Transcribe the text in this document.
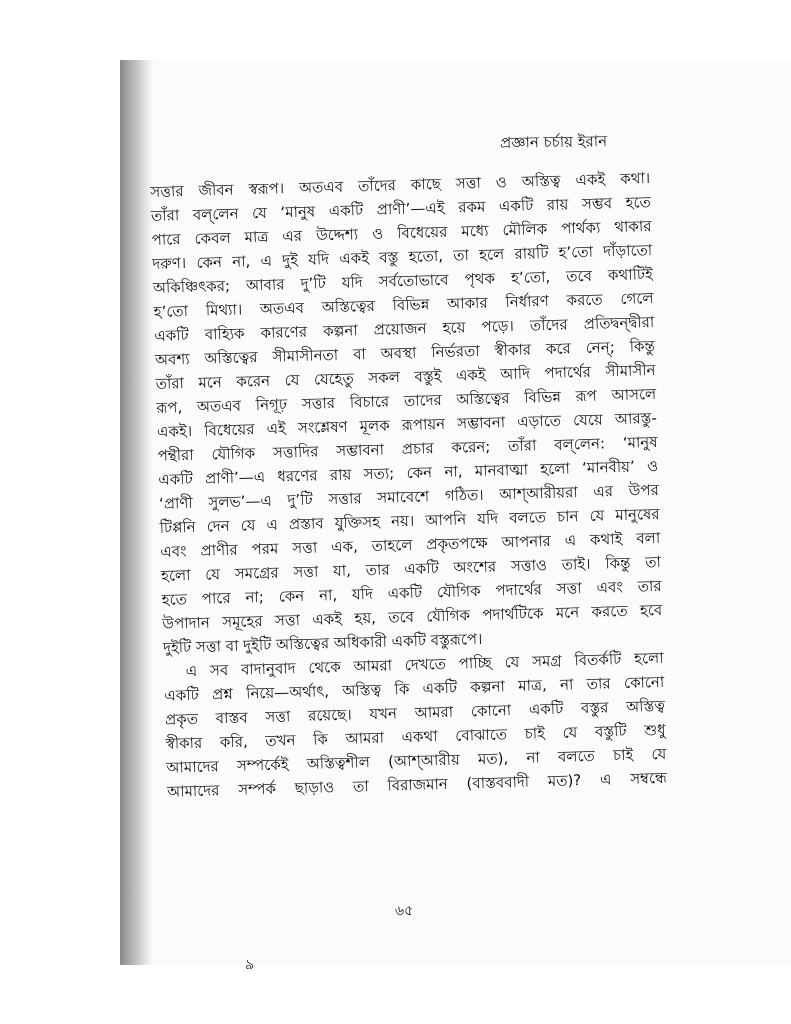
প্রজ্ঞান চর্চায় ইরান
সত্তার জীবন স্বরূপ। অতএব তাঁদের কাছে সত্তা ও অস্তিত্ব একই কথা।
তাঁরা বল্‌লেন যে ‘মানুষ একটি প্রাণী’—এই রকম একটি রায় সম্ভব হতে
পারে কেবল মাত্র এর উদ্দেশ্য ও বিধেয়ের মধ্যে মৌলিক পার্থক্য থাকার
দরুণ। কেন না, এ দুই যদি একই বস্তু হতো, তা হলে রায়টি হ’তো দাঁড়াতো
অকিঞ্চিৎকর; আবার দু’টি যদি সর্বতোভাবে পৃথক হ’তো, তবে কথাটিই
হ’তো মিথ্যা। অতএব অস্তিত্বের বিভিন্ন আকার নির্ধারণ করতে গেলে
একটি বাহ্যিক কারণের কল্পনা প্রয়োজন হয়ে পড়ে। তাঁদের প্রতিদ্বন্দ্বীরা
অবশ্য অস্তিত্বের সীমাসীনতা বা অবস্থা নির্ভরতা স্বীকার করে নেন্‌; কিন্তু
তাঁরা মনে করেন যে যেহেতু সকল বস্তুই একই আদি পদার্থের সীমাসীন
রূপ, অতএব নিগূঢ় সত্তার বিচারে তাদের অস্তিত্বের বিভিন্ন রূপ আসলে
একই। বিধেয়ের এই সংশ্লেষণ মূলক রূপায়ন সম্ভাবনা এড়াতে যেয়ে আরস্তু-
পন্থীরা যৌগিক সত্তাদির সম্ভাবনা প্রচার করেন; তাঁরা বল্‌লেন: ‘মানুষ
একটি প্রাণী’—এ ধরণের রায় সত্য; কেন না, মানবাত্মা হলো ‘মানবীয়’ ও
‘প্রাণী সুলভ’—এ দু’টি সত্তার সমাবেশে গঠিত। আশ্‌আরীয়রা এর উপর
টিপ্পনি দেন যে এ প্রস্তাব যুক্তিসহ নয়। আপনি যদি বলতে চান যে মানুষের
এবং প্রাণীর পরম সত্তা এক, তাহলে প্রকৃতপক্ষে আপনার এ কথাই বলা
হলো যে সমগ্রের সত্তা যা, তার একটি অংশের সত্তাও তাই। কিন্তু তা
হতে পারে না; কেন না, যদি একটি যৌগিক পদার্থের সত্তা এবং তার
উপাদান সমূহের সত্তা একই হয়, তবে যৌগিক পদার্থটিকে মনে করতে হবে
দুইটি সত্তা বা দুইটি অস্তিত্বের অধিকারী একটি বস্তুরূপে।
এ সব বাদানুবাদ থেকে আমরা দেখতে পাচ্ছি যে সমগ্র বিতর্কটি হলো
একটি প্রশ্ন নিয়ে—অর্থাৎ, অস্তিত্ব কি একটি কল্পনা মাত্র, না তার কোনো
প্রকৃত বাস্তব সত্তা রয়েছে। যখন আমরা কোনো একটি বস্তুর অস্তিত্ব
স্বীকার করি, তখন কি আমরা একথা বোঝাতে চাই যে বস্তুটি শুধু
আমাদের সম্পর্কেই অস্তিত্বশীল (আশ্‌আরীয় মত), না বলতে চাই যে
আমাদের সম্পর্ক ছাড়াও তা বিরাজমান (বাস্তববাদী মত)? এ সম্বন্ধে
৬৫
৯
